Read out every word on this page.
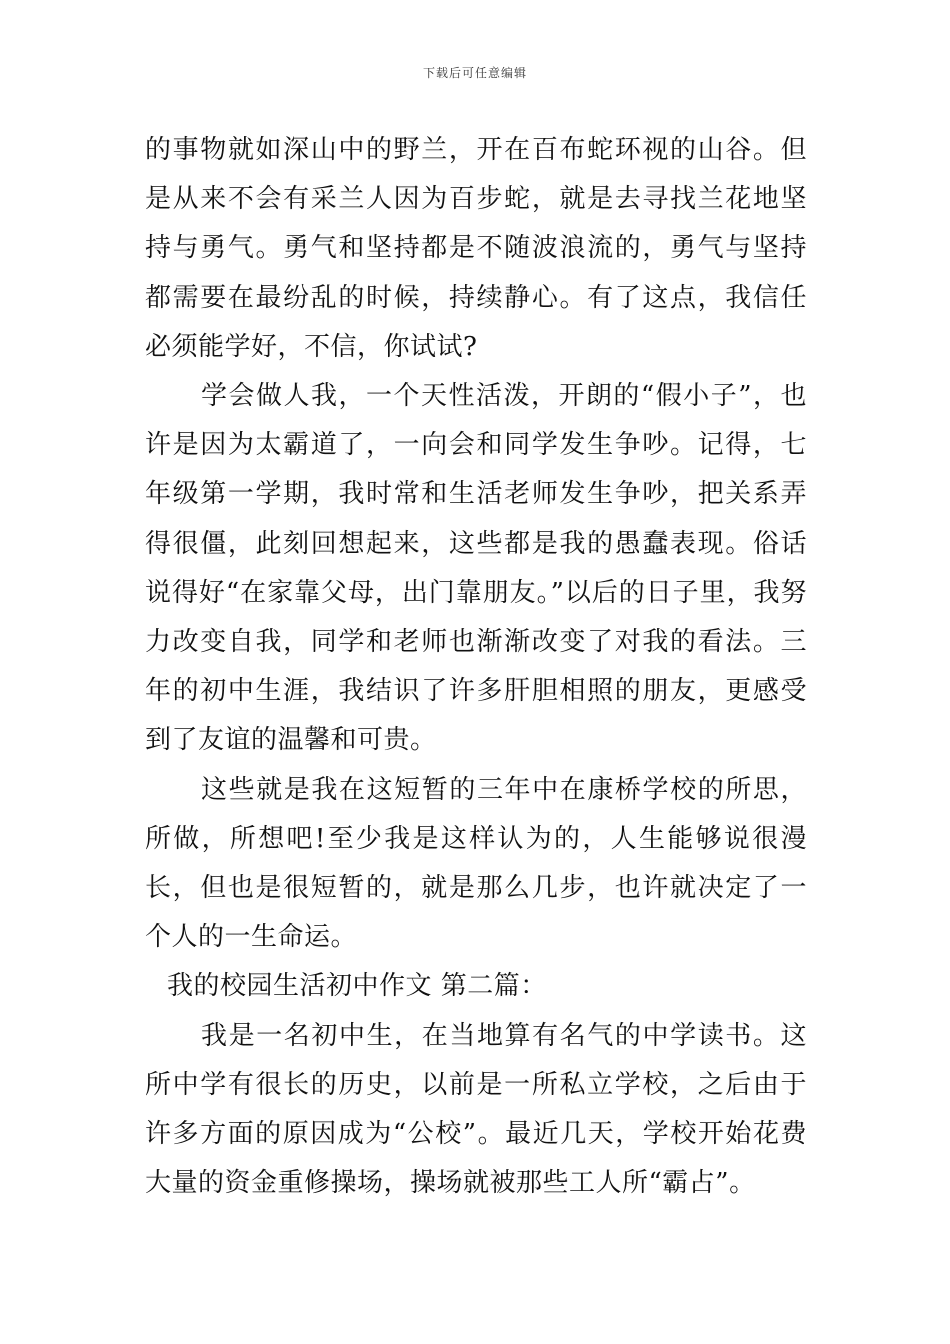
下载后可任意编辑

的事物就如深山中的野兰，开在百布蛇环视的山谷。但是从来不会有采兰人因为百步蛇，就是去寻找兰花地坚持与勇气。勇气和坚持都是不随波浪流的，勇气与坚持都需要在最纷乱的时候，持续静心。有了这点，我信任必须能学好，不信，你试试?

学会做人我，一个天性活泼，开朗的“假小子”，也许是因为太霸道了，一向会和同学发生争吵。记得，七年级第一学期，我时常和生活老师发生争吵，把关系弄得很僵，此刻回想起来，这些都是我的愚蠢表现。俗话说得好“在家靠父母，出门靠朋友。”以后的日子里，我努力改变自我，同学和老师也渐渐改变了对我的看法。三年的初中生涯，我结识了许多肝胆相照的朋友，更感受到了友谊的温馨和可贵。

这些就是我在这短暂的三年中在康桥学校的所思，所做，所想吧!至少我是这样认为的，人生能够说很漫长，但也是很短暂的，就是那么几步，也许就决定了一个人的一生命运。

我的校园生活初中作文 第二篇：

我是一名初中生，在当地算有名气的中学读书。这所中学有很长的历史，以前是一所私立学校，之后由于许多方面的原因成为“公校”。最近几天，学校开始花费大量的资金重修操场，操场就被那些工人所“霸占”。
